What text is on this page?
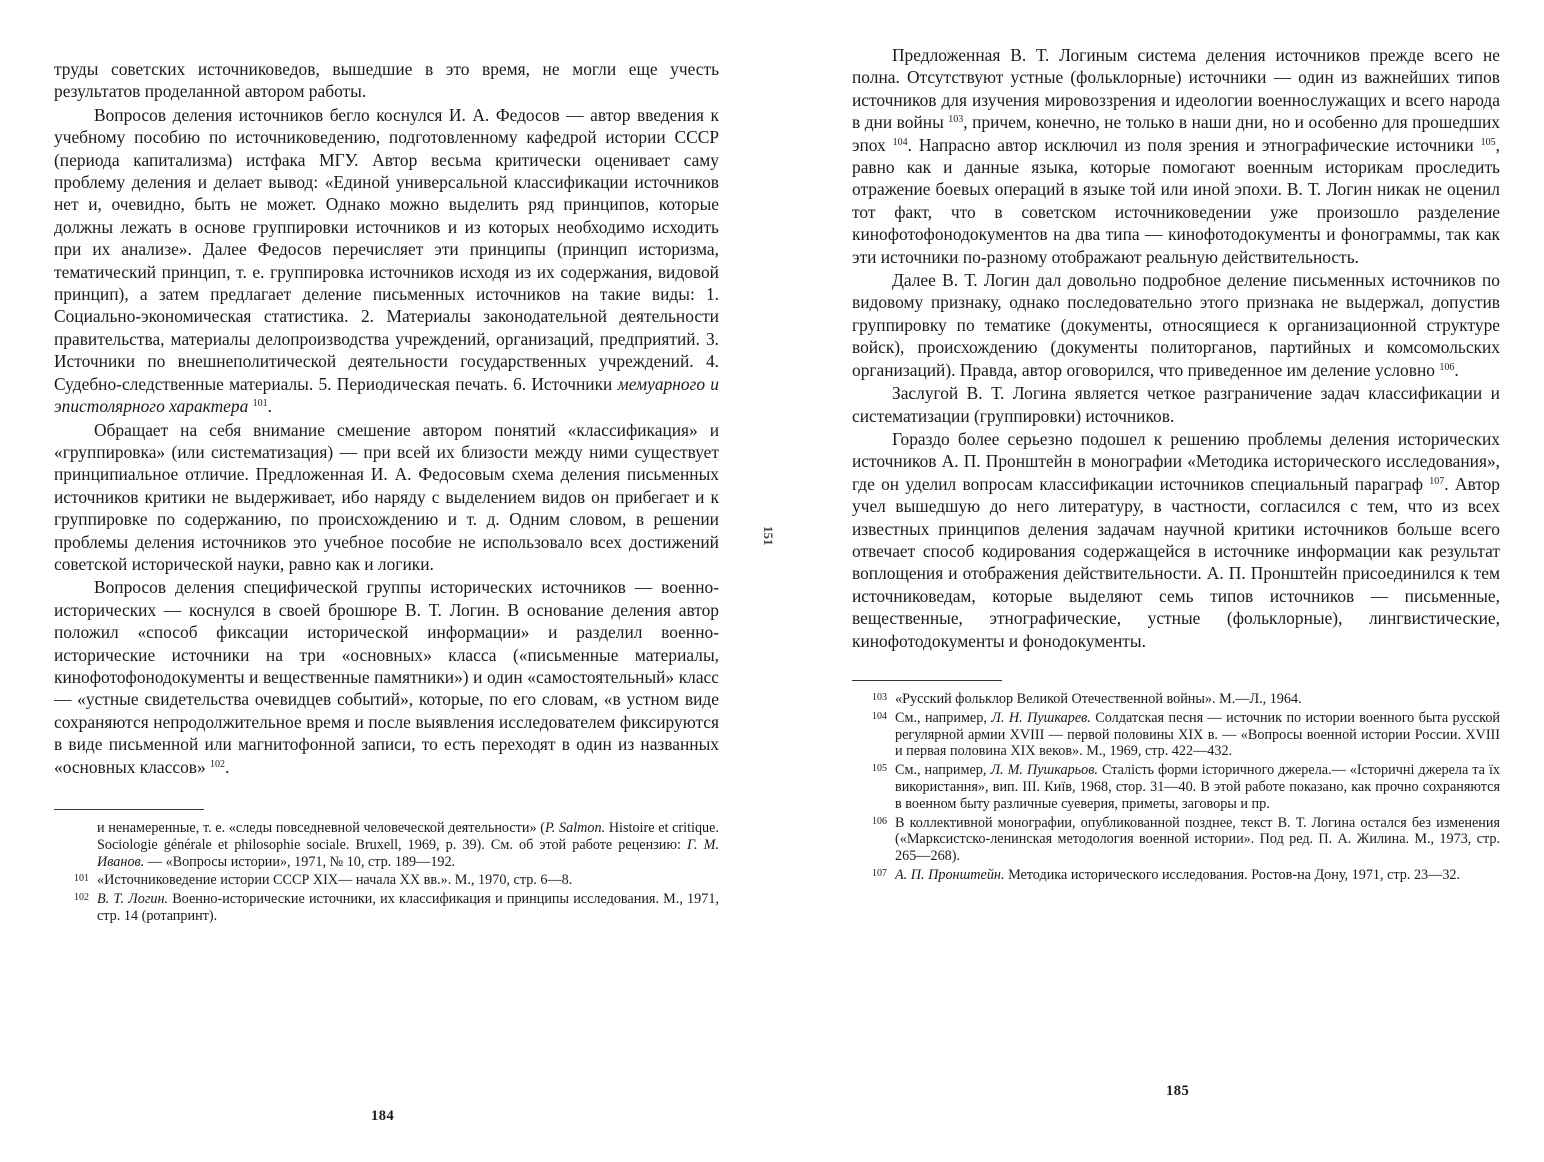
труды советских источниковедов, вышедшие в это время, не могли еще учесть результатов проделанной автором работы.

Вопросов деления источников бегло коснулся И. А. Федосов — автор введения к учебному пособию по источниковедению, подготовленному кафедрой истории СССР (периода капитализма) истфака МГУ. Автор весьма критически оценивает саму проблему деления и делает вывод: «Единой универсальной классификации источников нет и, очевидно, быть не может. Однако можно выделить ряд принципов, которые должны лежать в основе группировки источников и из которых необходимо исходить при их анализе». Далее Федосов перечисляет эти принципы (принцип историзма, тематический принцип, т. е. группировка источников исходя из их содержания, видовой принцип), а затем предлагает деление письменных источников на такие виды: 1. Социально-экономическая статистика. 2. Материалы законодательной деятельности правительства, материалы делопроизводства учреждений, организаций, предприятий. 3. Источники по внешнеполитической деятельности государственных учреждений. 4. Судебно-следственные материалы. 5. Периодическая печать. 6. Источники мемуарного и эпистолярного характера $^{101}$.

Обращает на себя внимание смешение автором понятий «классификация» и «группировка» (или систематизация) — при всей их близости между ними существует принципиальное отличие. Предложенная И. А. Федосовым схема деления письменных источников критики не выдерживает, ибо наряду с выделением видов он прибегает и к группировке по содержанию, по происхождению и т. д. Одним словом, в решении проблемы деления источников это учебное пособие не использовало всех достижений советской исторической науки, равно как и логики.

Вопросов деления специфической группы исторических источников — военно-исторических — коснулся в своей брошюре В. Т. Логин. В основание деления автор положил «способ фиксации исторической информации» и разделил военно-исторические источники на три «основных» класса («письменные материалы, кинофотофонодокументы и вещественные памятники») и один «самостоятельный» класс — «устные свидетельства очевидцев событий», которые, по его словам, «в устном виде сохраняются непродолжительное время и после выявления исследователем фиксируются в виде письменной или магнитофонной записи, то есть переходят в один из названных «основных классов» $^{102}$.

и ненамеренные, т. е. «следы повседневной человеческой деятельности» (P. Salmon. Histoire et critique. Sociologie générale et philosophie sociale. Bruxell, 1969, p. 39). См. об этой работе рецензию: Г. М. Иванов. — «Вопросы истории», 1971, № 10, стр. 189—192.
101 «Источниковедение истории СССР XIX— начала XX вв.». М., 1970, стр. 6—8.
102 В. Т. Логин. Военно-исторические источники, их классификация и принципы исследования. М., 1971, стр. 14 (ротапринт).
184
151

Предложенная В. Т. Логиным система деления источников прежде всего не полна. Отсутствуют устные (фольклорные) источники — один из важнейших типов источников для изучения мировоззрения и идеологии военнослужащих и всего народа в дни войны $^{103}$, причем, конечно, не только в наши дни, но и особенно для прошедших эпох $^{104}$. Напрасно автор исключил из поля зрения и этнографические источники $^{105}$, равно как и данные языка, которые помогают военным историкам проследить отражение боевых операций в языке той или иной эпохи. В. Т. Логин никак не оценил тот факт, что в советском источниковедении уже произошло разделение кинофотофонодокументов на два типа — кинофотодокументы и фонограммы, так как эти источники по-разному отображают реальную действительность.

Далее В. Т. Логин дал довольно подробное деление письменных источников по видовому признаку, однако последовательно этого признака не выдержал, допустив группировку по тематике (документы, относящиеся к организационной структуре войск), происхождению (документы политорганов, партийных и комсомольских организаций). Правда, автор оговорился, что приведенное им деление условно $^{106}$.

Заслугой В. Т. Логина является четкое разграничение задач классификации и систематизации (группировки) источников.

Гораздо более серьезно подошел к решению проблемы деления исторических источников А. П. Пронштейн в монографии «Методика исторического исследования», где он уделил вопросам классификации источников специальный параграф $^{107}$. Автор учел вышедшую до него литературу, в частности, согласился с тем, что из всех известных принципов деления задачам научной критики источников больше всего отвечает способ кодирования содержащейся в источнике информации как результат воплощения и отображения действительности. А. П. Пронштейн присоединился к тем источниковедам, которые выделяют семь типов источников — письменные, вещественные, этнографические, устные (фольклорные), лингвистические, кинофотодокументы и фонодокументы.

103 «Русский фольклор Великой Отечественной войны». М.—Л., 1964.
104 См., например, Л. Н. Пушкарев. Солдатская песня — источник по истории военного быта русской регулярной армии XVIII — первой половины XIX в. — «Вопросы военной истории России. XVIII и первая половина XIX веков». М., 1969, стр. 422—432.
105 См., например, Л. М. Пушкарьов. Сталість форми історичного джерела.— «Історичні джерела та їх використання», вип. III. Київ, 1968, стор. 31—40. В этой работе показано, как прочно сохраняются в военном быту различные суеверия, приметы, заговоры и пр.
106 В коллективной монографии, опубликованной позднее, текст В. Т. Логина остался без изменения («Марксистско-ленинская методология военной истории». Под ред. П. А. Жилина. М., 1973, стр. 265—268).
107 А. П. Пронштейн. Методика исторического исследования. Ростов-на Дону, 1971, стр. 23—32.
185
